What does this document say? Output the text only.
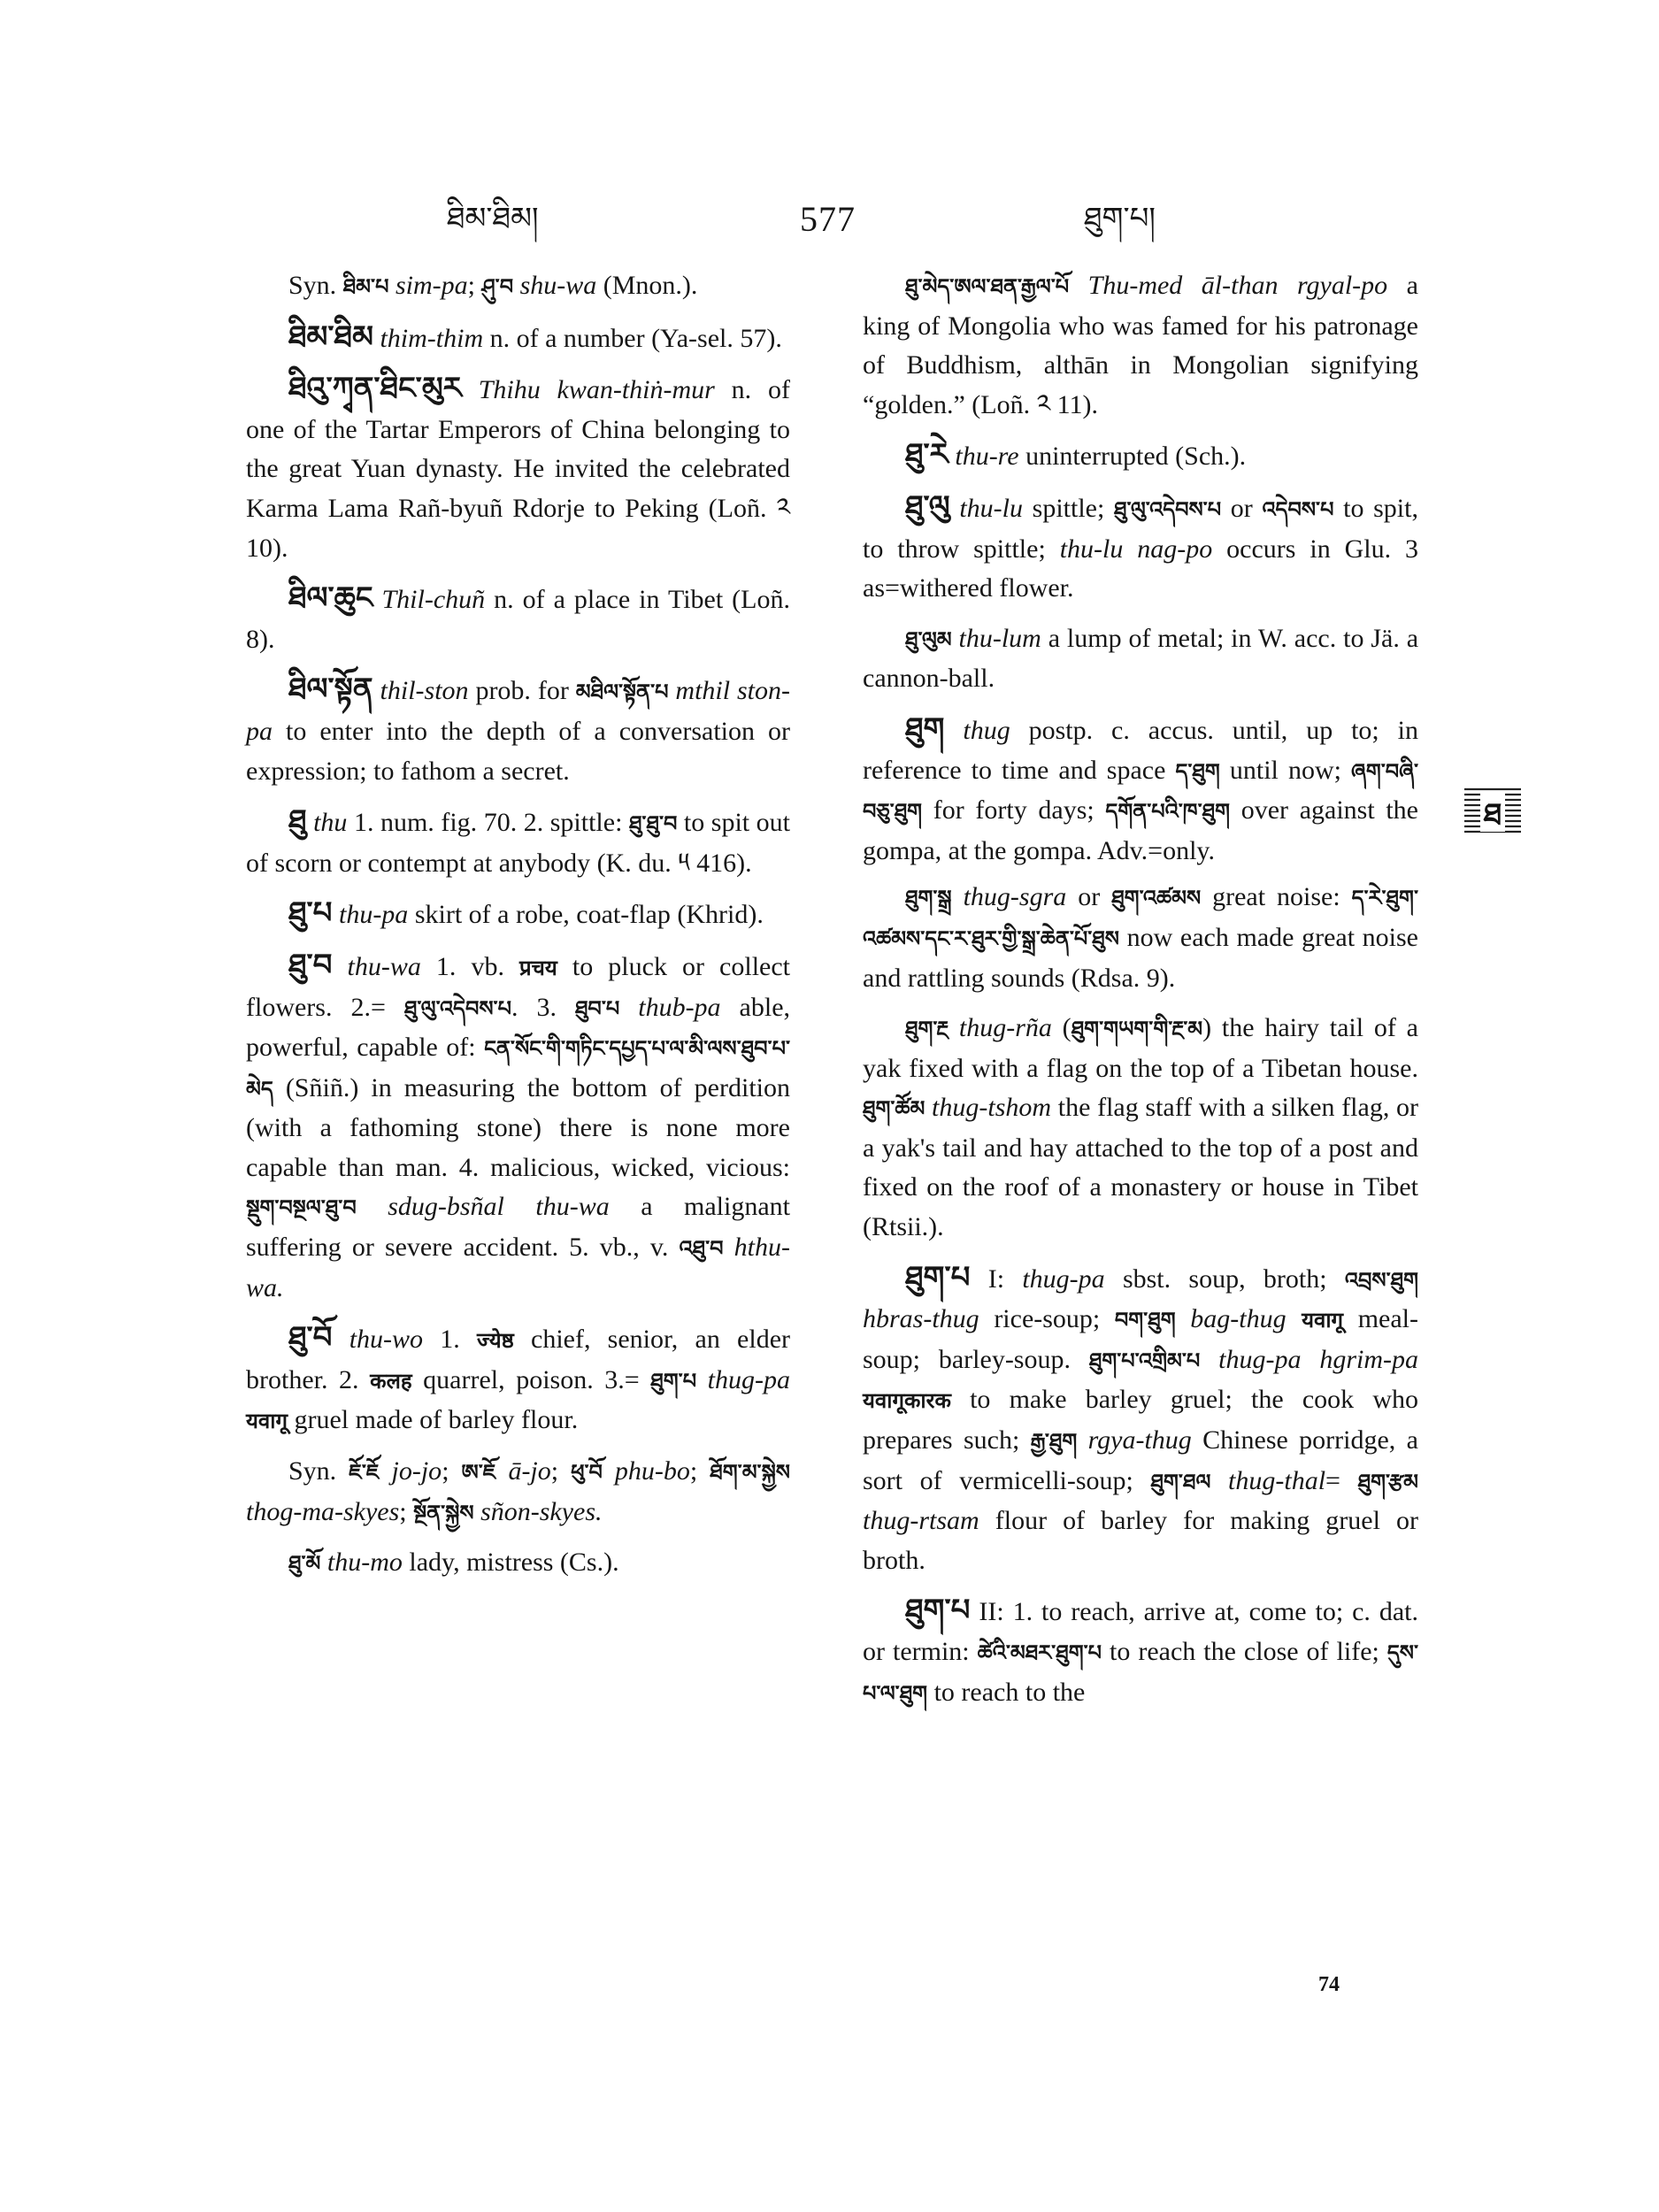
ཐིམ་ཐིམ།	577	ཐུག་པ།

Syn. ཐིམ་པ sim-pa; ཤུ་བ shu-wa (Mnon.).

ཐིམ་ཐིམ thim-thim n. of a number (Ya-sel. 57).

ཐིའུ་ཀྭན་ཐིང་མུར Thihu kwan-thiṅ-mur n. of one of the Tartar Emperors of China belonging to the great Yuan dynasty. He invited the celebrated Karma Lama Rañ-byuñ Rdorje to Peking (Loñ. ༢ 10).

ཐིལ་ཆུང Thil-chuñ n. of a place in Tibet (Loñ. 8).

ཐིལ་སྟོན thil-ston prob. for མཐིལ་སྟོན་པ mthil ston-pa to enter into the depth of a conversation or expression; to fathom a secret.

ཐུ thu 1. num. fig. 70. 2. spittle: ཐུ་ཐུ་བ to spit out of scorn or contempt at anybody (K. du. ༥ 416).

ཐུ་པ thu-pa skirt of a robe, coat-flap (Khrid).

ཐུ་བ thu-wa 1. vb. प्रचय to pluck or collect flowers. 2.= ཐུ་ལུ་འདེབས་པ. 3. ཐུབ་པ thub-pa able, powerful, capable of: ངན་སོང་གི་གཏིང་དཔྱད་པ་ལ་མི་ལས་ཐུབ་པ་མེད (Sñiñ.) in measuring the bottom of perdition (with a fathoming stone) there is none more capable than man. 4. malicious, wicked, vicious: སྡུག་བསྔལ་ཐུ་བ sdug-bsñal thu-wa a malignant suffering or severe accident. 5. vb., v. འཐུ་བ hthu-wa.

ཐུ་བོ thu-wo 1. ज्येष्ठ chief, senior, an elder brother. 2. कलह quarrel, poison. 3.= ཐུག་པ thug-pa यवागू gruel made of barley flour.

Syn. ཇོ་ཇོ jo-jo; ཨ་ཇོ ā-jo; ཕུ་བོ phu-bo; ཐོག་མ་སྐྱེས thog-ma-skyes; སྔོན་སྐྱེས sñon-skyes.

ཐུ་མོ thu-mo lady, mistress (Cs.).

ཐུ་མེད་ཨལ་ཐན་རྒྱལ་པོ Thu-med āl-than rgyal-po a king of Mongolia who was famed for his patronage of Buddhism, althān in Mongolian signifying “golden.” (Loñ. ༢ 11).

ཐུ་རེ thu-re uninterrupted (Sch.).

ཐུ་ལུ thu-lu spittle; ཐུ་ལུ་འདེབས་པ or འདེབས་པ to spit, to throw spittle; thu-lu nag-po occurs in Glu. 3 as=withered flower.

ཐུ་ལུམ thu-lum a lump of metal; in W. acc. to Jä. a cannon-ball.

ཐུག thug postp. c. accus. until, up to; in reference to time and space ད་ཐུག until now; ཞག་བཞི་བཅུ་ཐུག for forty days; དགོན་པའི་ཁ་ཐུག over against the gompa, at the gompa. Adv.=only.

ཐུག་སྒྲ thug-sgra or ཐུག་འཚམས great noise: ད་རེ་ཐུག་འཚམས་དང་ར་ཐུར་གྱི་སྒྲ་ཆེན་པོ་ཐུས now each made great noise and rattling sounds (Rdsa. 9).

ཐུག་རྔ thug-rña (ཐུག་གཡག་གི་རྔ་མ) the hairy tail of a yak fixed with a flag on the top of a Tibetan house. ཐུག་ཚོམ thug-tshom the flag staff with a silken flag, or a yak's tail and hay attached to the top of a post and fixed on the roof of a monastery or house in Tibet (Rtsii.).

ཐུག་པ I: thug-pa sbst. soup, broth; འབྲས་ཐུག hbras-thug rice-soup; བག་ཐུག bag-thug यवागू meal-soup; barley-soup. ཐུག་པ་འགྲིམ་པ thug-pa hgrim-pa यवागूकारक to make barley gruel; the cook who prepares such; རྒྱ་ཐུག rgya-thug Chinese porridge, a sort of vermicelli-soup; ཐུག་ཐལ thug-thal= ཐུག་རྩམ thug-rtsam flour of barley for making gruel or broth.

ཐུག་པ II: 1. to reach, arrive at, come to; c. dat. or termin: ཚེའི་མཐར་ཐུག་པ to reach the close of life; དུས་པ་ལ་ཐུག to reach to the

ཐ
74
